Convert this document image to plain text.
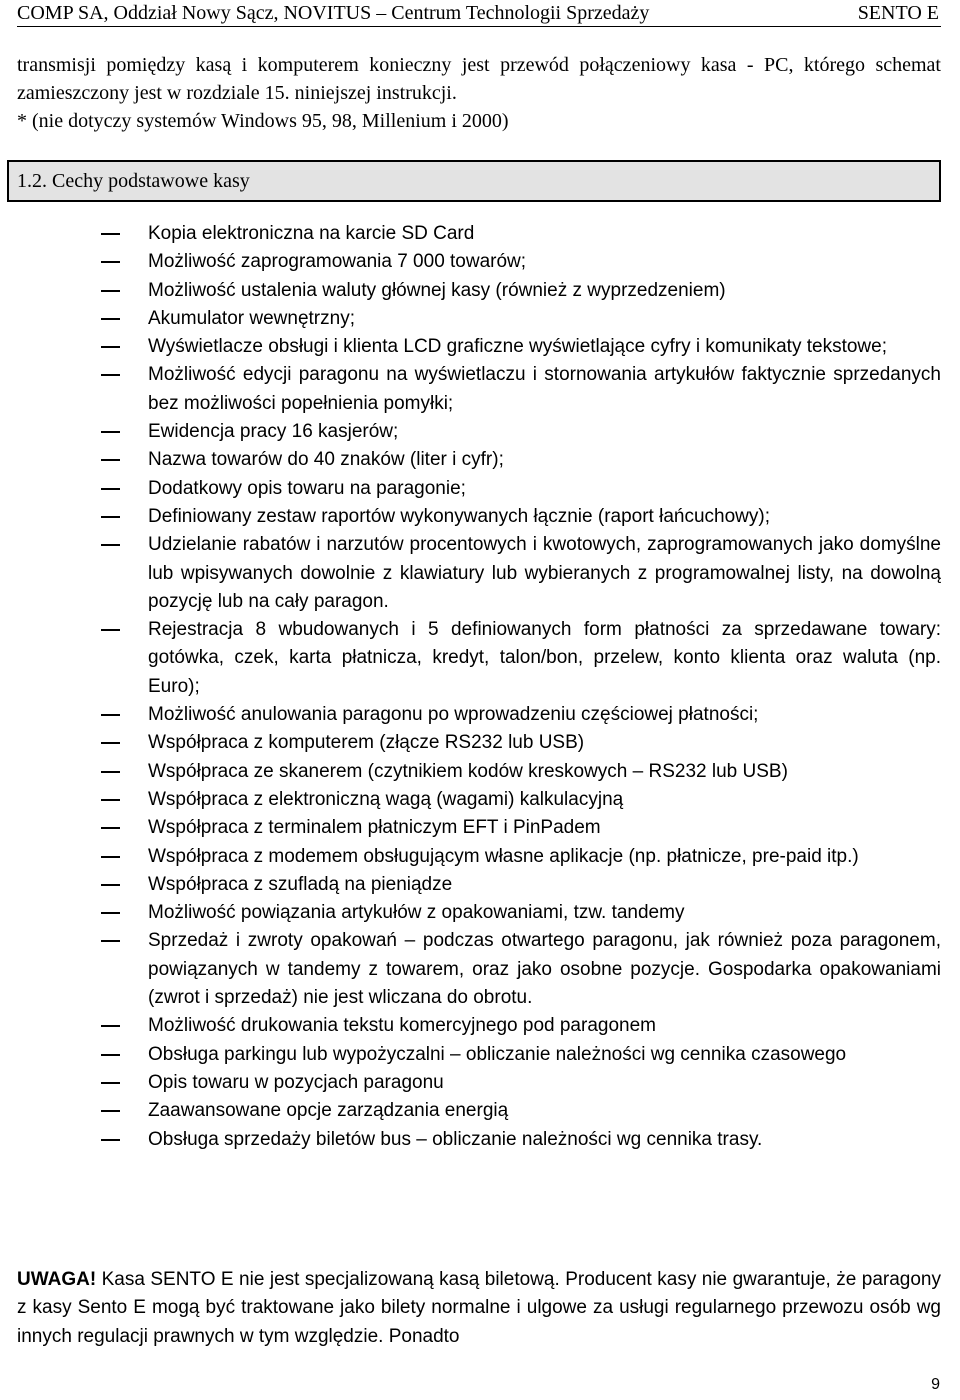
COMP SA, Oddział Nowy Sącz, NOVITUS – Centrum Technologii Sprzedaży	SENTO E

transmisji pomiędzy kasą i komputerem konieczny jest przewód połączeniowy kasa - PC, którego schemat zamieszczony jest w rozdziale 15. niniejszej instrukcji.

* (nie dotyczy systemów Windows 95, 98, Millenium i 2000)

1.2. Cechy podstawowe kasy
Kopia elektroniczna na karcie SD Card
Możliwość zaprogramowania 7 000 towarów;
Możliwość ustalenia waluty głównej kasy (również z wyprzedzeniem)
Akumulator wewnętrzny;
Wyświetlacze obsługi i klienta LCD graficzne wyświetlające cyfry i komunikaty tekstowe;
Możliwość edycji paragonu na wyświetlaczu i stornowania artykułów faktycznie sprzedanych bez możliwości popełnienia pomyłki;
Ewidencja pracy 16 kasjerów;
Nazwa towarów do 40 znaków (liter i cyfr);
Dodatkowy opis towaru na paragonie;
Definiowany zestaw raportów wykonywanych łącznie (raport łańcuchowy);
Udzielanie rabatów i narzutów procentowych i kwotowych, zaprogramowanych jako domyślne lub wpisywanych dowolnie z klawiatury lub wybieranych z programowalnej listy, na dowolną pozycję lub na cały paragon.
Rejestracja 8 wbudowanych i 5 definiowanych form płatności za sprzedawane towary: gotówka, czek, karta płatnicza, kredyt, talon/bon, przelew, konto klienta oraz waluta (np. Euro);
Możliwość anulowania paragonu po wprowadzeniu częściowej płatności;
Współpraca z komputerem (złącze RS232 lub USB)
Współpraca ze skanerem (czytnikiem kodów kreskowych – RS232 lub USB)
Współpraca z elektroniczną wagą (wagami) kalkulacyjną
Współpraca z terminalem płatniczym EFT i PinPadem
Współpraca z modemem obsługującym własne aplikacje (np. płatnicze, pre-paid itp.)
Współpraca z szufladą na pieniądze
Możliwość powiązania artykułów z opakowaniami, tzw. tandemy
Sprzedaż i zwroty opakowań – podczas otwartego paragonu, jak również poza paragonem, powiązanych w tandemy z towarem, oraz jako osobne pozycje. Gospodarka opakowaniami (zwrot i sprzedaż) nie jest wliczana do obrotu.
Możliwość drukowania tekstu komercyjnego pod paragonem
Obsługa parkingu lub wypożyczalni – obliczanie należności wg cennika czasowego
Opis towaru w pozycjach paragonu
Zaawansowane opcje zarządzania energią
Obsługa sprzedaży biletów bus – obliczanie należności wg cennika trasy.
UWAGA! Kasa SENTO E nie jest specjalizowaną kasą biletową. Producent kasy nie gwarantuje, że paragony z kasy Sento E mogą być traktowane jako bilety normalne i ulgowe za usługi regularnego przewozu osób wg innych regulacji prawnych w tym względzie. Ponadto
9
